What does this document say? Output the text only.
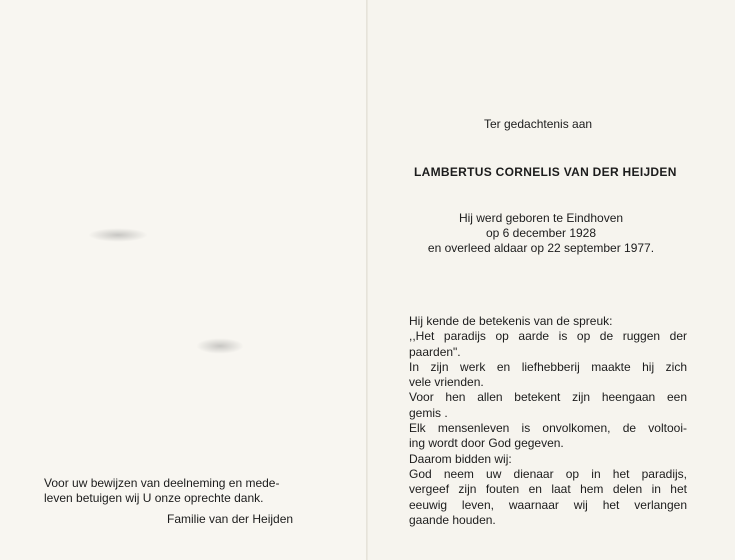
Voor uw bewijzen van deelneming en mede-
leven betuigen wij U onze oprechte dank.

Familie van der Heijden

Ter gedachtenis aan

LAMBERTUS CORNELIS VAN DER HEIJDEN

Hij werd geboren te Eindhoven
op 6 december 1928
en overleed aldaar op 22 september 1977.

Hij kende de betekenis van de spreuk:
,,Het paradijs op aarde is op de ruggen der
paarden".
In zijn werk en liefhebberij maakte hij zich
vele vrienden.
Voor hen allen betekent zijn heengaan een
gemis .
Elk mensenleven is onvolkomen, de voltooi-
ing wordt door God gegeven.
Daarom bidden wij:
God neem uw dienaar op in het paradijs,
vergeef zijn fouten en laat hem delen in het
eeuwig leven, waarnaar wij het verlangen
gaande houden.
